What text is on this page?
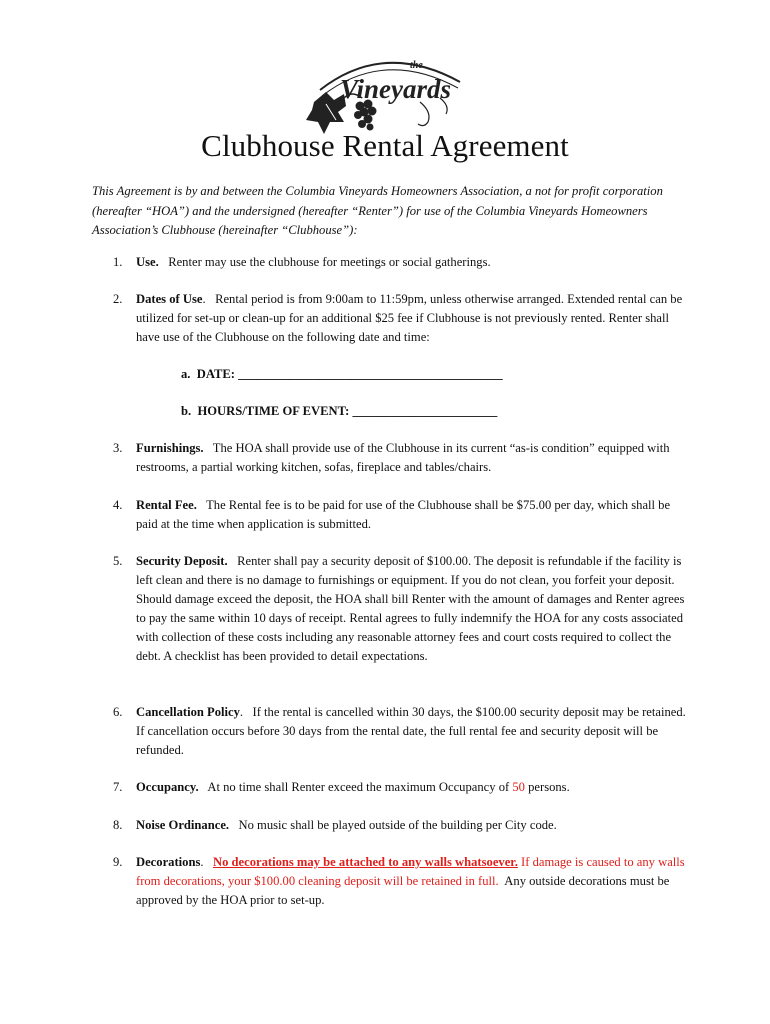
the
Vineyards
Clubhouse Rental Agreement
This Agreement is by and between the Columbia Vineyards Homeowners Association, a not for profit corporation (hereafter “HOA”) and the undersigned (hereafter “Renter”) for use of the Columbia Vineyards Homeowners Association’s Clubhouse (hereinafter “Clubhouse”):
1. Use. Renter may use the clubhouse for meetings or social gatherings.
2. Dates of Use. Rental period is from 9:00am to 11:59pm, unless otherwise arranged. Extended rental can be utilized for set-up or clean-up for an additional $25 fee if Clubhouse is not previously rented. Renter shall have use of the Clubhouse on the following date and time:
a. DATE: __________________________________________
b. HOURS/TIME OF EVENT: _______________________
3. Furnishings. The HOA shall provide use of the Clubhouse in its current “as-is condition” equipped with restrooms, a partial working kitchen, sofas, fireplace and tables/chairs.
4. Rental Fee. The Rental fee is to be paid for use of the Clubhouse shall be $75.00 per day, which shall be paid at the time when application is submitted.
5. Security Deposit. Renter shall pay a security deposit of $100.00. The deposit is refundable if the facility is left clean and there is no damage to furnishings or equipment. If you do not clean, you forfeit your deposit. Should damage exceed the deposit, the HOA shall bill Renter with the amount of damages and Renter agrees to pay the same within 10 days of receipt. Rental agrees to fully indemnify the HOA for any costs associated with collection of these costs including any reasonable attorney fees and court costs required to collect the debt. A checklist has been provided to detail expectations.
6. Cancellation Policy. If the rental is cancelled within 30 days, the $100.00 security deposit may be retained. If cancellation occurs before 30 days from the rental date, the full rental fee and security deposit will be refunded.
7. Occupancy. At no time shall Renter exceed the maximum Occupancy of 50 persons.
8. Noise Ordinance. No music shall be played outside of the building per City code.
9. Decorations. No decorations may be attached to any walls whatsoever. If damage is caused to any walls from decorations, your $100.00 cleaning deposit will be retained in full. Any outside decorations must be approved by the HOA prior to set-up.
